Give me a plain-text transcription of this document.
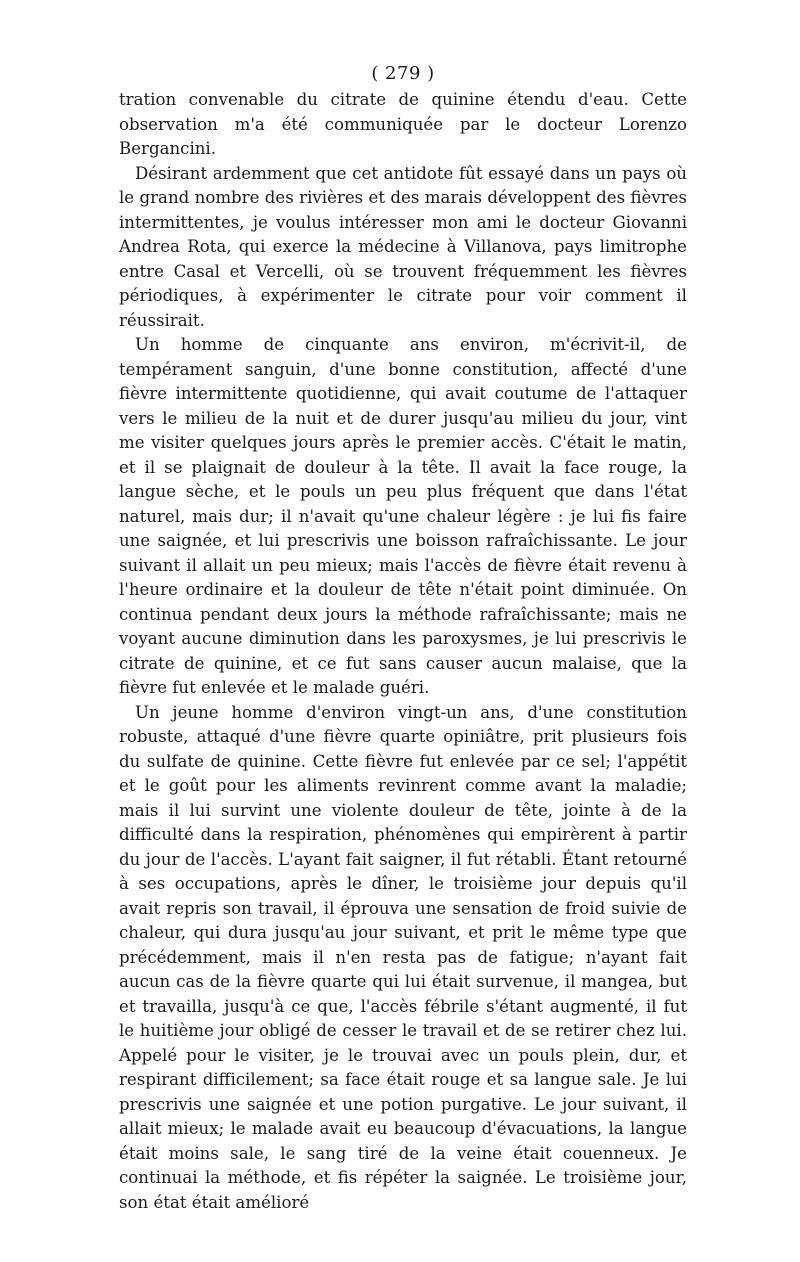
( 279 )

tration convenable du citrate de quinine étendu d'eau. Cette observation m'a été communiquée par le docteur Lorenzo Bergancini.

Désirant ardemment que cet antidote fût essayé dans un pays où le grand nombre des rivières et des marais développent des fièvres intermittentes, je voulus intéresser mon ami le docteur Giovanni Andrea Rota, qui exerce la médecine à Villanova, pays limitrophe entre Casal et Vercelli, où se trouvent fréquemment les fièvres périodiques, à expérimenter le citrate pour voir comment il réussirait.

Un homme de cinquante ans environ, m'écrivit-il, de tempérament sanguin, d'une bonne constitution, affecté d'une fièvre intermittente quotidienne, qui avait coutume de l'attaquer vers le milieu de la nuit et de durer jusqu'au milieu du jour, vint me visiter quelques jours après le premier accès. C'était le matin, et il se plaignait de douleur à la tête. Il avait la face rouge, la langue sèche, et le pouls un peu plus fréquent que dans l'état naturel, mais dur; il n'avait qu'une chaleur légère : je lui fis faire une saignée, et lui prescrivis une boisson rafraîchissante. Le jour suivant il allait un peu mieux; mais l'accès de fièvre était revenu à l'heure ordinaire et la douleur de tête n'était point diminuée. On continua pendant deux jours la méthode rafraîchissante; mais ne voyant aucune diminution dans les paroxysmes, je lui prescrivis le citrate de quinine, et ce fut sans causer aucun malaise, que la fièvre fut enlevée et le malade guéri.

Un jeune homme d'environ vingt-un ans, d'une constitution robuste, attaqué d'une fièvre quarte opiniâtre, prit plusieurs fois du sulfate de quinine. Cette fièvre fut enlevée par ce sel; l'appétit et le goût pour les aliments revinrent comme avant la maladie; mais il lui survint une violente douleur de tête, jointe à de la difficulté dans la respiration, phénomènes qui empirèrent à partir du jour de l'accès. L'ayant fait saigner, il fut rétabli. Étant retourné à ses occupations, après le dîner, le troisième jour depuis qu'il avait repris son travail, il éprouva une sensation de froid suivie de chaleur, qui dura jusqu'au jour suivant, et prit le même type que précédemment, mais il n'en resta pas de fatigue; n'ayant fait aucun cas de la fièvre quarte qui lui était survenue, il mangea, but et travailla, jusqu'à ce que, l'accès fébrile s'étant augmenté, il fut le huitième jour obligé de cesser le travail et de se retirer chez lui. Appelé pour le visiter, je le trouvai avec un pouls plein, dur, et respirant difficilement; sa face était rouge et sa langue sale. Je lui prescrivis une saignée et une potion purgative. Le jour suivant, il allait mieux; le malade avait eu beaucoup d'évacuations, la langue était moins sale, le sang tiré de la veine était couenneux. Je continuai la méthode, et fis répéter la saignée. Le troisième jour, son état était amélioré
